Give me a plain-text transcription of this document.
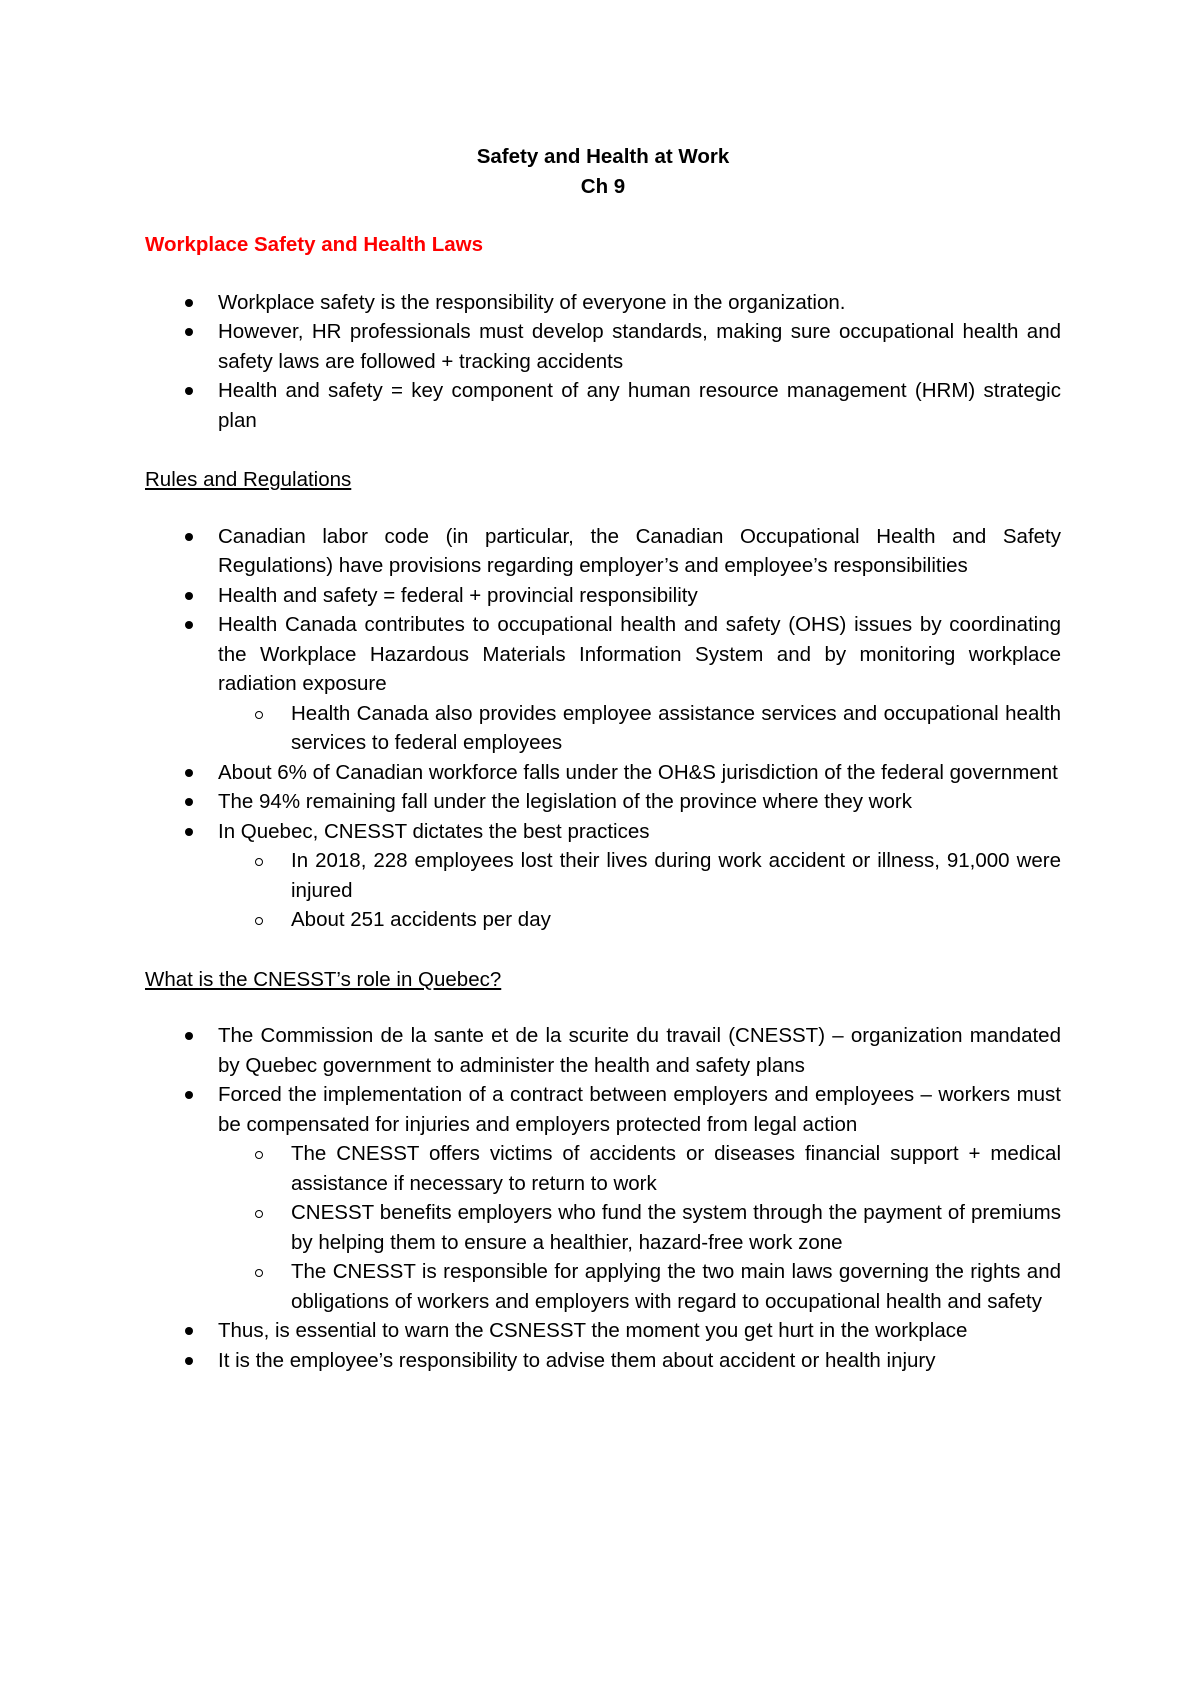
Safety and Health at Work

Ch 9

Workplace Safety and Health Laws

Workplace safety is the responsibility of everyone in the organization.
However, HR professionals must develop standards, making sure occupational health and safety laws are followed + tracking accidents
Health and safety = key component of any human resource management (HRM) strategic plan

Rules and Regulations

Canadian labor code (in particular, the Canadian Occupational Health and Safety Regulations) have provisions regarding employer’s and employee’s responsibilities
Health and safety = federal + provincial responsibility
Health Canada contributes to occupational health and safety (OHS) issues by coordinating the Workplace Hazardous Materials Information System and by monitoring workplace radiation exposure
Health Canada also provides employee assistance services and occupational health services to federal employees
About 6% of Canadian workforce falls under the OH&S jurisdiction of the federal government
The 94% remaining fall under the legislation of the province where they work
In Quebec, CNESST dictates the best practices
In 2018, 228 employees lost their lives during work accident or illness, 91,000 were injured
About 251 accidents per day

What is the CNESST’s role in Quebec?

The Commission de la sante et de la scurite du travail (CNESST) – organization mandated by Quebec government to administer the health and safety plans
Forced the implementation of a contract between employers and employees – workers must be compensated for injuries and employers protected from legal action
The CNESST offers victims of accidents or diseases financial support + medical assistance if necessary to return to work
CNESST benefits employers who fund the system through the payment of premiums by helping them to ensure a healthier, hazard-free work zone
The CNESST is responsible for applying the two main laws governing the rights and obligations of workers and employers with regard to occupational health and safety
Thus, is essential to warn the CSNESST the moment you get hurt in the workplace
It is the employee’s responsibility to advise them about accident or health injury
